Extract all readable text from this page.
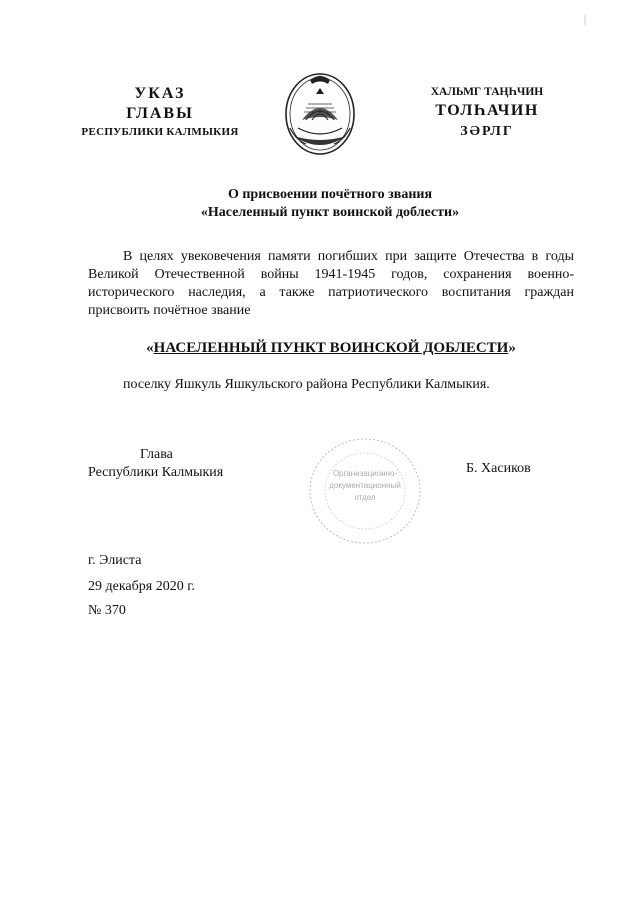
УКАЗ
ГЛАВЫ
РЕСПУБЛИКИ КАЛМЫКИЯ
ХАЛЬМГ ТАҢҺЧИН
ТОЛҺАЧИН
ЗӘРЛГ
О присвоении почётного звания
«Населенный пункт воинской доблести»
В целях увековечения памяти погибших при защите Отечества в годы Великой Отечественной войны 1941-1945 годов, сохранения военно-исторического наследия, а также патриотического воспитания граждан присвоить почётное звание
«НАСЕЛЕННЫЙ ПУНКТ ВОИНСКОЙ ДОБЛЕСТИ»
поселку Яшкуль Яшкульского района Республики Калмыкия.
Глава
Республики Калмыкия	Организационно-
документационный
отдел
Б. Хасиков
г. Элиста
29 декабря 2020 г.
№ 370
